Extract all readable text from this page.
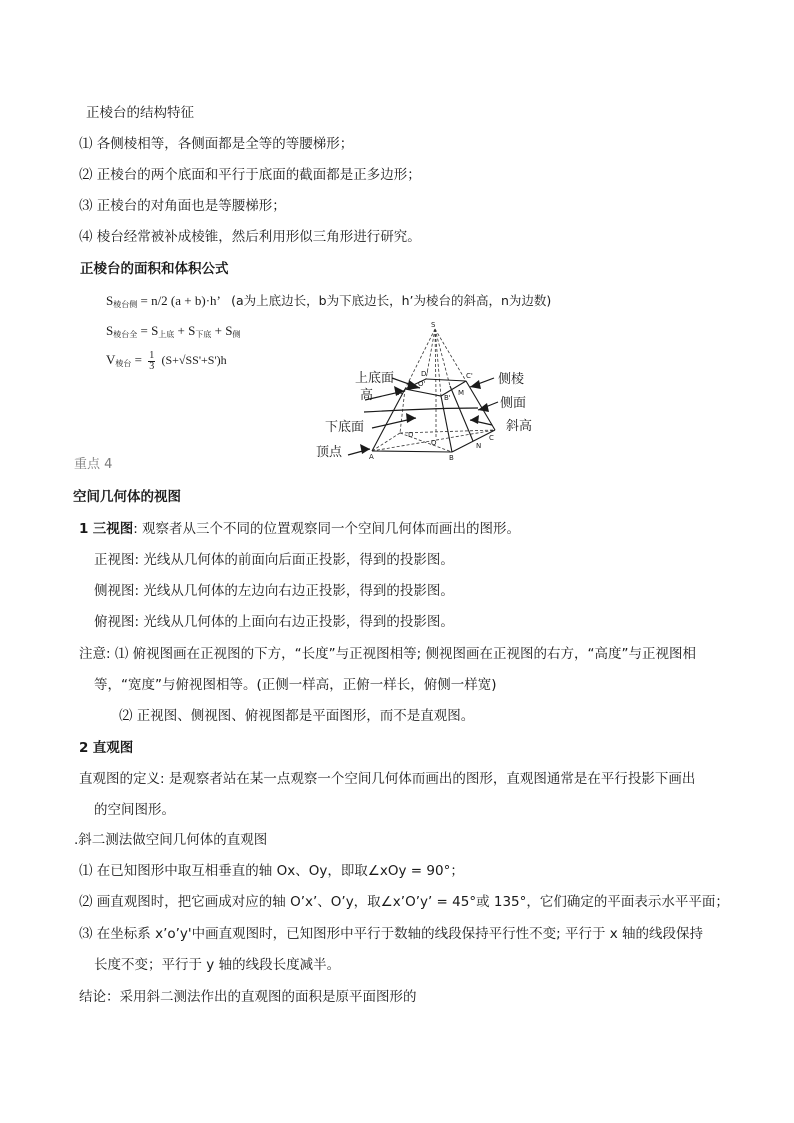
正棱台的结构特征
⑴ 各侧棱相等，各侧面都是全等的等腰梯形；
⑵ 正棱台的两个底面和平行于底面的截面都是正多边形；
⑶ 正棱台的对角面也是等腰梯形；
⑷ 棱台经常被补成棱锥，然后利用形似三角形进行研究。
正棱台的面积和体积公式
$S_{棱台侧} = n/2$ (a + b)·h’ (a为上底边长，b为下底边长，h’为棱台的斜高，n为边数)
$S_{棱台全} = S_{上底} + S_{下底} + S_侧$
$V_{棱台} = \frac{1}{3} (S+√SS'+S')h$
S
O'
A'
D'	C'
B'
M
D
O
C
A	B
N
上底面
高
下底面
顶点
侧棱
侧面
斜高
重点 4
空间几何体的视图
1 三视图: 观察者从三个不同的位置观察同一个空间几何体而画出的图形。
正视图: 光线从几何体的前面向后面正投影，得到的投影图。
侧视图: 光线从几何体的左边向右边正投影，得到的投影图。
俯视图: 光线从几何体的上面向右边正投影，得到的投影图。
注意: ⑴ 俯视图画在正视图的下方，“长度”与正视图相等; 侧视图画在正视图的右方，“高度”与正视图相
等，“宽度”与俯视图相等。(正侧一样高，正俯一样长，俯侧一样宽)
⑵ 正视图、侧视图、俯视图都是平面图形，而不是直观图。
2 直观图
直观图的定义: 是观察者站在某一点观察一个空间几何体而画出的图形，直观图通常是在平行投影下画出
的空间图形。
.斜二测法做空间几何体的直观图
⑴ 在已知图形中取互相垂直的轴 Ox、Oy，即取∠xOy = 90°；
⑵ 画直观图时，把它画成对应的轴 O’x’、O’y，取∠x’O’y’ = 45°或 135°，它们确定的平面表示水平平面；
⑶ 在坐标系 x’o’y'中画直观图时，已知图形中平行于数轴的线段保持平行性不变; 平行于 x 轴的线段保持
长度不变；平行于 y 轴的线段长度减半。
结论：采用斜二测法作出的直观图的面积是原平面图形的
